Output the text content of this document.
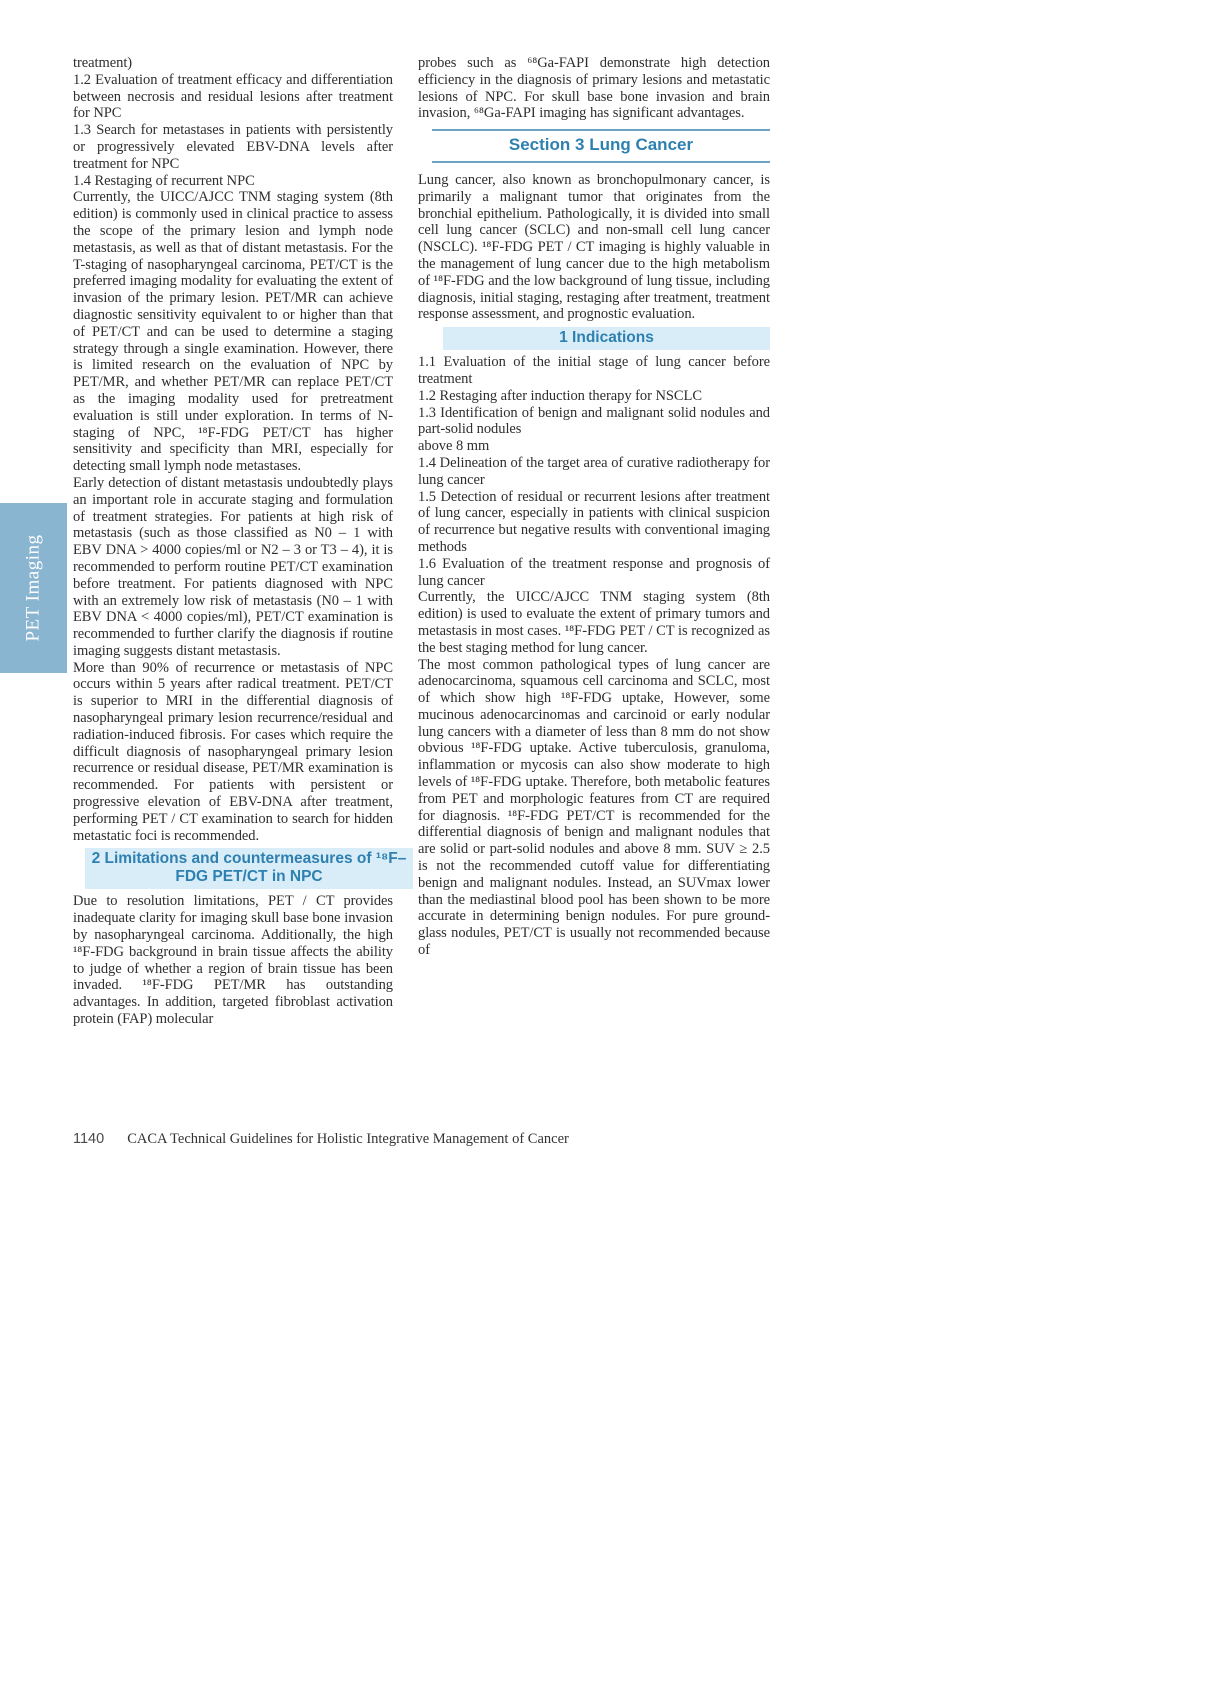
PET Imaging

treatment)

1.2 Evaluation of treatment efficacy and differentiation between necrosis and residual lesions after treatment for NPC

1.3 Search for metastases in patients with persistently or progressively elevated EBV-DNA levels after treatment for NPC

1.4 Restaging of recurrent NPC

Currently, the UICC/AJCC TNM staging system (8th edition) is commonly used in clinical practice to assess the scope of the primary lesion and lymph node metastasis, as well as that of distant metastasis. For the T-staging of nasopharyngeal carcinoma, PET/CT is the preferred imaging modality for evaluating the extent of invasion of the primary lesion. PET/MR can achieve diagnostic sensitivity equivalent to or higher than that of PET/CT and can be used to determine a staging strategy through a single examination. However, there is limited research on the evaluation of NPC by PET/MR, and whether PET/MR can replace PET/CT as the imaging modality used for pretreatment evaluation is still under exploration. In terms of N-staging of NPC, ¹⁸F-FDG PET/CT has higher sensitivity and specificity than MRI, especially for detecting small lymph node metastases.

Early detection of distant metastasis undoubtedly plays an important role in accurate staging and formulation of treatment strategies. For patients at high risk of metastasis (such as those classified as N0 – 1 with EBV DNA > 4000 copies/ml or N2 – 3 or T3 – 4), it is recommended to perform routine PET/CT examination before treatment. For patients diagnosed with NPC with an extremely low risk of metastasis (N0 – 1 with EBV DNA < 4000 copies/ml), PET/CT examination is recommended to further clarify the diagnosis if routine imaging suggests distant metastasis.

More than 90% of recurrence or metastasis of NPC occurs within 5 years after radical treatment. PET/CT is superior to MRI in the differential diagnosis of nasopharyngeal primary lesion recurrence/residual and radiation-induced fibrosis. For cases which require the difficult diagnosis of nasopharyngeal primary lesion recurrence or residual disease, PET/MR examination is recommended. For patients with persistent or progressive elevation of EBV-DNA after treatment, performing PET / CT examination to search for hidden metastatic foci is recommended.

2 Limitations and countermeasures of ¹⁸F–FDG PET/CT in NPC

Due to resolution limitations, PET / CT provides inadequate clarity for imaging skull base bone invasion by nasopharyngeal carcinoma. Additionally, the high ¹⁸F-FDG background in brain tissue affects the ability to judge of whether a region of brain tissue has been invaded. ¹⁸F-FDG PET/MR has outstanding advantages. In addition, targeted fibroblast activation protein (FAP) molecular

probes such as ⁶⁸Ga-FAPI demonstrate high detection efficiency in the diagnosis of primary lesions and metastatic lesions of NPC. For skull base bone invasion and brain invasion, ⁶⁸Ga-FAPI imaging has significant advantages.

Section 3 Lung Cancer

Lung cancer, also known as bronchopulmonary cancer, is primarily a malignant tumor that originates from the bronchial epithelium. Pathologically, it is divided into small cell lung cancer (SCLC) and non-small cell lung cancer (NSCLC). ¹⁸F-FDG PET / CT imaging is highly valuable in the management of lung cancer due to the high metabolism of ¹⁸F-FDG and the low background of lung tissue, including diagnosis, initial staging, restaging after treatment, treatment response assessment, and prognostic evaluation.

1 Indications

1.1 Evaluation of the initial stage of lung cancer before treatment

1.2 Restaging after induction therapy for NSCLC

1.3 Identification of benign and malignant solid nodules and part-solid nodules

above 8 mm

1.4 Delineation of the target area of curative radiotherapy for lung cancer

1.5 Detection of residual or recurrent lesions after treatment of lung cancer, especially in patients with clinical suspicion of recurrence but negative results with conventional imaging methods

1.6 Evaluation of the treatment response and prognosis of lung cancer

Currently, the UICC/AJCC TNM staging system (8th edition) is used to evaluate the extent of primary tumors and metastasis in most cases. ¹⁸F-FDG PET / CT is recognized as the best staging method for lung cancer.

The most common pathological types of lung cancer are adenocarcinoma, squamous cell carcinoma and SCLC, most of which show high ¹⁸F-FDG uptake, However, some mucinous adenocarcinomas and carcinoid or early nodular lung cancers with a diameter of less than 8 mm do not show obvious ¹⁸F-FDG uptake. Active tuberculosis, granuloma, inflammation or mycosis can also show moderate to high levels of ¹⁸F-FDG uptake. Therefore, both metabolic features from PET and morphologic features from CT are required for diagnosis. ¹⁸F-FDG PET/CT is recommended for the differential diagnosis of benign and malignant nodules that are solid or part-solid nodules and above 8 mm. SUV ≥ 2.5 is not the recommended cutoff value for differentiating benign and malignant nodules. Instead, an SUVmax lower than the mediastinal blood pool has been shown to be more accurate in determining benign nodules. For pure ground-glass nodules, PET/CT is usually not recommended because of

1140 CACA Technical Guidelines for Holistic Integrative Management of Cancer
